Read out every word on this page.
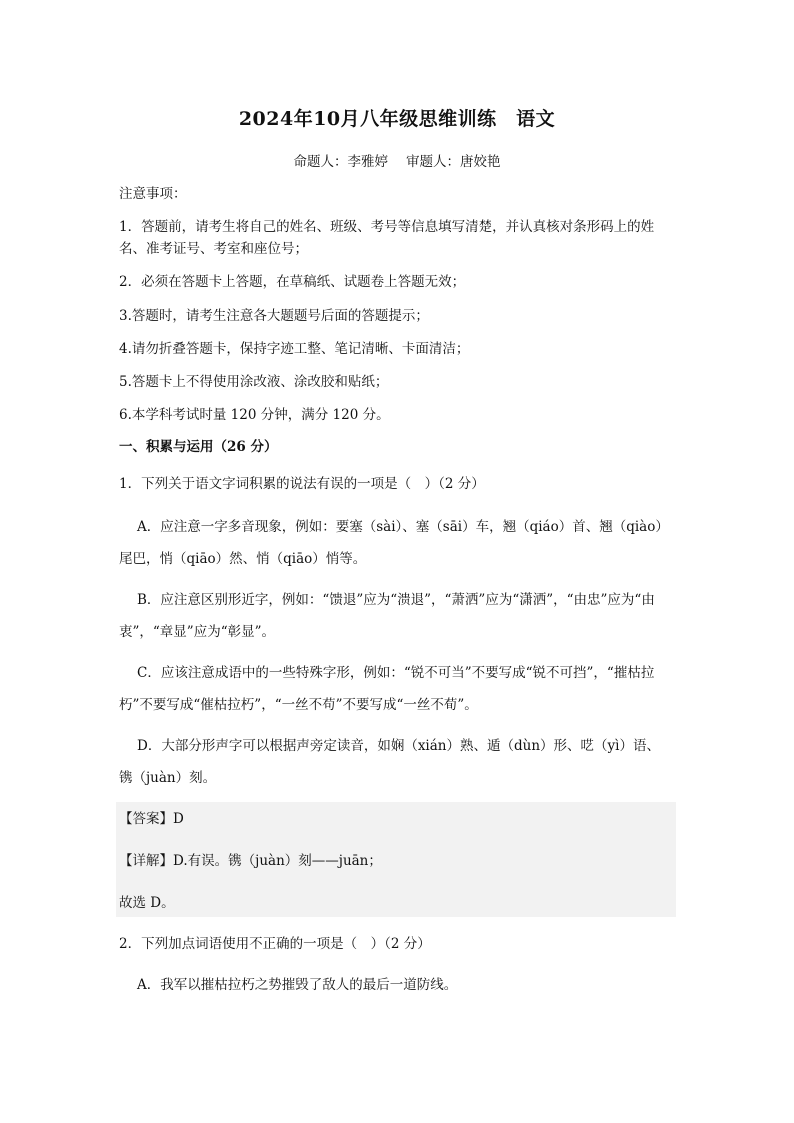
2024年10月八年级思维训练　语文
命题人：李雅婷 审题人：唐姣艳
注意事项：
1．答题前，请考生将自己的姓名、班级、考号等信息填写清楚，并认真核对条形码上的姓
名、准考证号、考室和座位号；
2．必须在答题卡上答题，在草稿纸、试题卷上答题无效；
3.答题时，请考生注意各大题题号后面的答题提示；
4.请勿折叠答题卡，保持字迹工整、笔记清晰、卡面清洁；
5.答题卡上不得使用涂改液、涂改胶和贴纸；
6.本学科考试时量 120 分钟，满分 120 分。
一、积累与运用（26 分）
1．下列关于语文字词积累的说法有误的一项是（　）（2 分）
A．应注意一字多音现象，例如：要塞（sài）、塞（sāi）车，翘（qiáo）首、翘（qiào）
尾巴，悄（qiāo）然、悄（qiāo）悄等。
B．应注意区别形近字，例如：“馈退”应为“溃退”，“萧洒”应为“潇洒”，“由忠”应为“由
衷”，“章显”应为“彰显”。
C．应该注意成语中的一些特殊字形，例如：“锐不可当”不要写成“锐不可挡”，“摧枯拉
朽”不要写成“催枯拉朽”，“一丝不苟”不要写成“一丝不荀”。
D．大部分形声字可以根据声旁定读音，如娴（xián）熟、遁（dùn）形、呓（yì）语、
镌（juàn）刻。
【答案】D
【详解】D.有误。镌（juàn）刻——juān；
故选 D。
2．下列加点词语使用不正确的一项是（　）（2 分）
A．我军以摧枯拉朽之势摧毁了敌人的最后一道防线。
